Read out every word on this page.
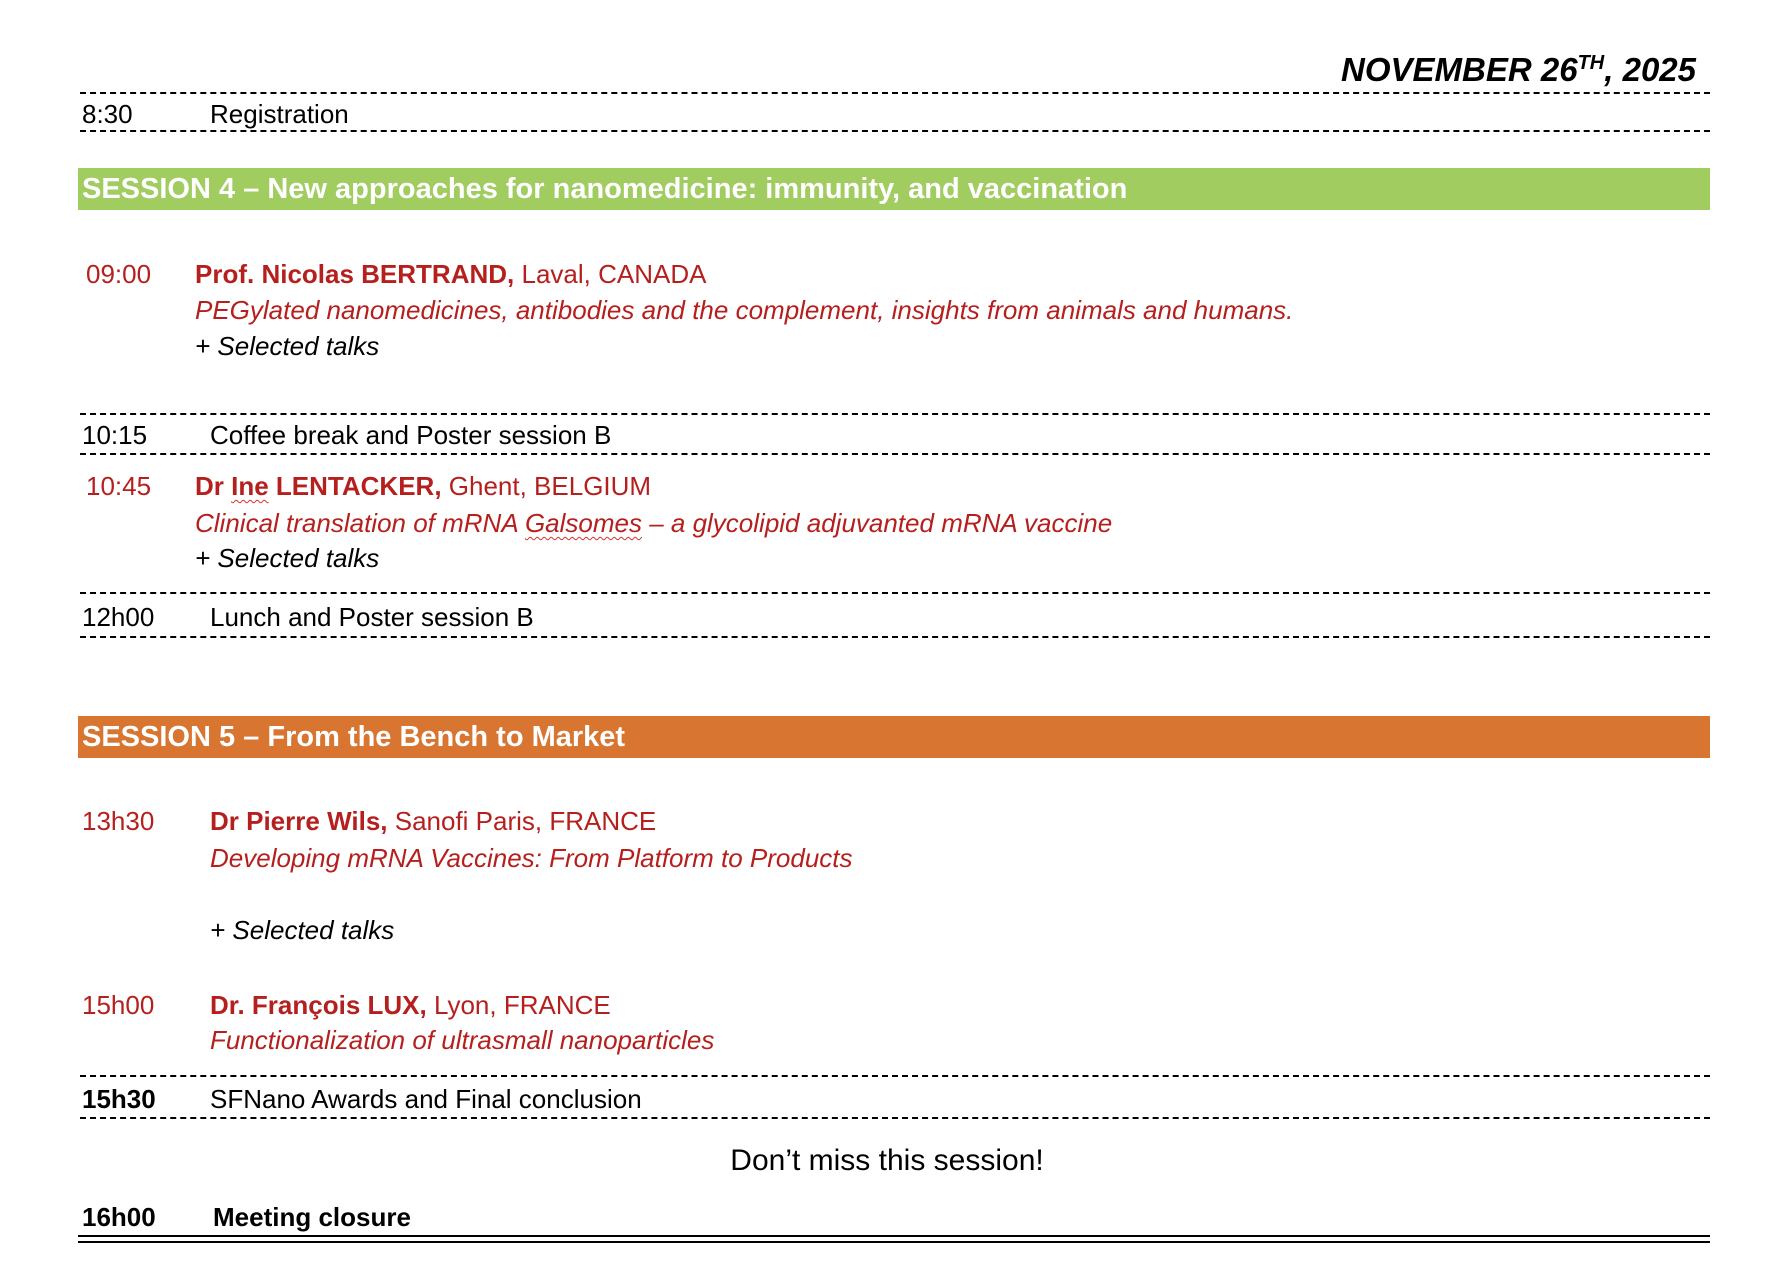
NOVEMBER 26TH, 2025
8:30	Registration
SESSION 4 – New approaches for nanomedicine: immunity, and vaccination
09:00 Prof. Nicolas BERTRAND, Laval, CANADA
PEGylated nanomedicines, antibodies and the complement, insights from animals and humans.
+ Selected talks
10:15 Coffee break and Poster session B
10:45 Dr Ine LENTACKER, Ghent, BELGIUM
Clinical translation of mRNA Galsomes – a glycolipid adjuvanted mRNA vaccine
+ Selected talks
12h00 Lunch and Poster session B
SESSION 5 – From the Bench to Market
13h30 Dr Pierre Wils, Sanofi Paris, FRANCE
Developing mRNA Vaccines: From Platform to Products
+ Selected talks
15h00 Dr. François LUX, Lyon, FRANCE
Functionalization of ultrasmall nanoparticles
15h30 SFNano Awards and Final conclusion
Don’t miss this session!
16h00 Meeting closure
